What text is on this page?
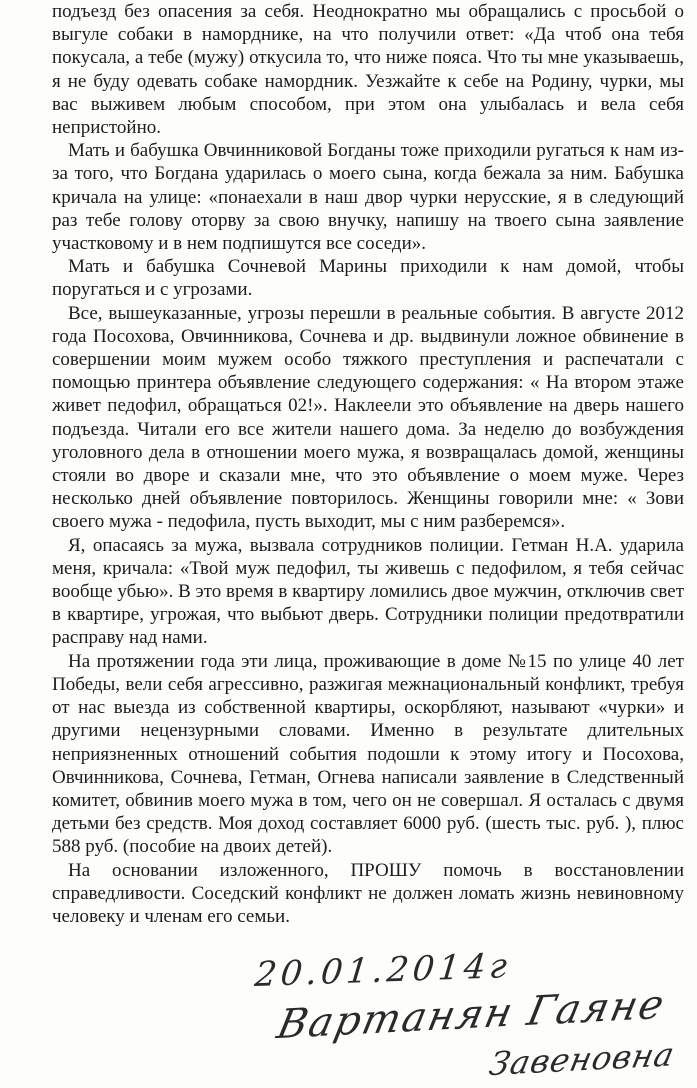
подъезд без опасения за себя. Неоднократно мы обращались с просьбой о выгуле собаки в наморднике, на что получили ответ: «Да чтоб она тебя покусала, а тебе (мужу) откусила то, что ниже пояса. Что ты мне указываешь, я не буду одевать собаке намордник. Уезжайте к себе на Родину, чурки, мы вас выживем любым способом, при этом она улыбалась и вела себя непристойно.

Мать и бабушка Овчинниковой Богданы тоже приходили ругаться к нам из-за того, что Богдана ударилась о моего сына, когда бежала за ним. Бабушка кричала на улице: «понаехали в наш двор чурки нерусские, я в следующий раз тебе голову оторву за свою внучку, напишу на твоего сына заявление участковому и в нем подпишутся все соседи».

Мать и бабушка Сочневой Марины приходили к нам домой, чтобы поругаться и с угрозами.

Все, вышеуказанные, угрозы перешли в реальные события. В августе 2012 года Посохова, Овчинникова, Сочнева и др. выдвинули ложное обвинение в совершении моим мужем особо тяжкого преступления и распечатали с помощью принтера объявление следующего содержания: « На втором этаже живет педофил, обращаться 02!». Наклеели это объявление на дверь нашего подъезда. Читали его все жители нашего дома. За неделю до возбуждения уголовного дела в отношении моего мужа, я возвращалась домой, женщины стояли во дворе и сказали мне, что это объявление о моем муже. Через несколько дней объявление повторилось. Женщины говорили мне: « Зови своего мужа - педофила, пусть выходит, мы с ним разберемся».

Я, опасаясь за мужа, вызвала сотрудников полиции. Гетман Н.А. ударила меня, кричала: «Твой муж педофил, ты живешь с педофилом, я тебя сейчас вообще убью». В это время в квартиру ломились двое мужчин, отключив свет в квартире, угрожая, что выбьют дверь. Сотрудники полиции предотвратили расправу над нами.

На протяжении года эти лица, проживающие в доме №15 по улице 40 лет Победы, вели себя агрессивно, разжигая межнациональный конфликт, требуя от нас выезда из собственной квартиры, оскорбляют, называют «чурки» и другими нецензурными словами. Именно в результате длительных неприязненных отношений события подошли к этому итогу и Посохова, Овчинникова, Сочнева, Гетман, Огнева написали заявление в Следственный комитет, обвинив моего мужа в том, чего он не совершал. Я осталась с двумя детьми без средств. Моя доход составляет 6000 руб. (шесть тыс. руб. ), плюс 588 руб. (пособие на двоих детей).

На основании изложенного, ПРОШУ помочь в восстановлении справедливости. Соседский конфликт не должен ломать жизнь невиновному человеку и членам его семьи.

20.01.2014г
Вартанян Гаяне
Завеновна
